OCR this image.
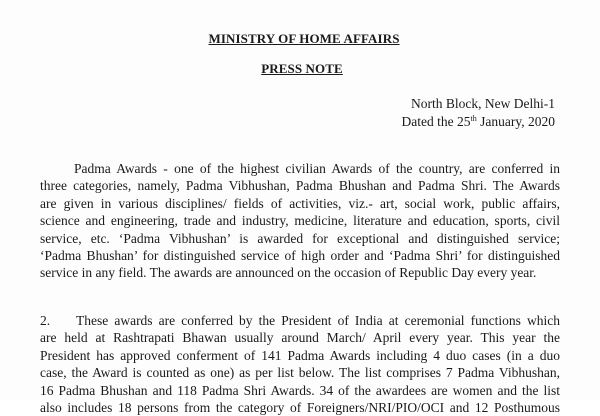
MINISTRY OF HOME AFFAIRS
PRESS NOTE
North Block, New Delhi-1
Dated the 25th January, 2020
Padma Awards - one of the highest civilian Awards of the country, are conferred in
three categories, namely, Padma Vibhushan, Padma Bhushan and Padma Shri. The Awards
are given in various disciplines/ fields of activities, viz.- art, social work, public affairs,
science and engineering, trade and industry, medicine, literature and education, sports, civil
service, etc. ‘Padma Vibhushan’ is awarded for exceptional and distinguished service;
‘Padma Bhushan’ for distinguished service of high order and ‘Padma Shri’ for distinguished
service in any field. The awards are announced on the occasion of Republic Day every year.
2. These awards are conferred by the President of India at ceremonial functions which
are held at Rashtrapati Bhawan usually around March/ April every year. This year the
President has approved conferment of 141 Padma Awards including 4 duo cases (in a duo
case, the Award is counted as one) as per list below. The list comprises 7 Padma Vibhushan,
16 Padma Bhushan and 118 Padma Shri Awards. 34 of the awardees are women and the list
also includes 18 persons from the category of Foreigners/NRI/PIO/OCI and 12 Posthumous
